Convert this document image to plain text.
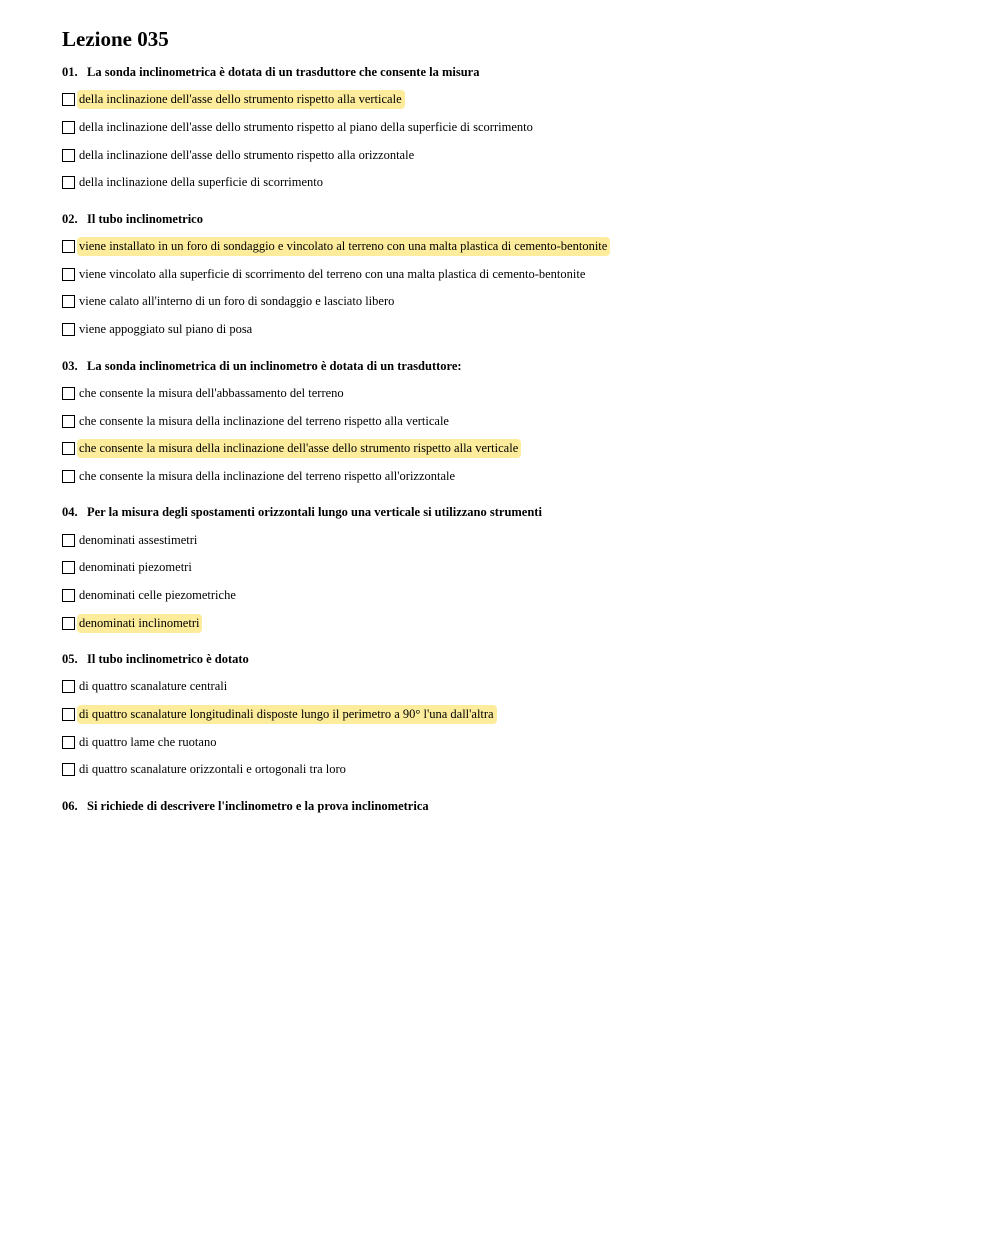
Lezione 035
01. La sonda inclinometrica è dotata di un trasduttore che consente la misura
della inclinazione dell'asse dello strumento rispetto alla verticale
della inclinazione dell'asse dello strumento rispetto al piano della superficie di scorrimento
della inclinazione dell'asse dello strumento rispetto alla orizzontale
della inclinazione della superficie di scorrimento
02. Il tubo inclinometrico
viene installato in un foro di sondaggio e vincolato al terreno con una malta plastica di cemento-bentonite
viene vincolato alla superficie di scorrimento del terreno con una malta plastica di cemento-bentonite
viene calato all'interno di un foro di sondaggio e lasciato libero
viene appoggiato sul piano di posa
03. La sonda inclinometrica di un inclinometro è dotata di un trasduttore:
che consente la misura dell'abbassamento del terreno
che consente la misura della inclinazione del terreno rispetto alla verticale
che consente la misura della inclinazione dell'asse dello strumento rispetto alla verticale
che consente la misura della inclinazione del terreno rispetto all'orizzontale
04. Per la misura degli spostamenti orizzontali lungo una verticale si utilizzano strumenti
denominati assestimetri
denominati piezometri
denominati celle piezometriche
denominati inclinometri
05. Il tubo inclinometrico è dotato
di quattro scanalature centrali
di quattro scanalature longitudinali disposte lungo il perimetro a 90° l'una dall'altra
di quattro lame che ruotano
di quattro scanalature orizzontali e ortogonali tra loro
06. Si richiede di descrivere l'inclinometro e la prova inclinometrica
